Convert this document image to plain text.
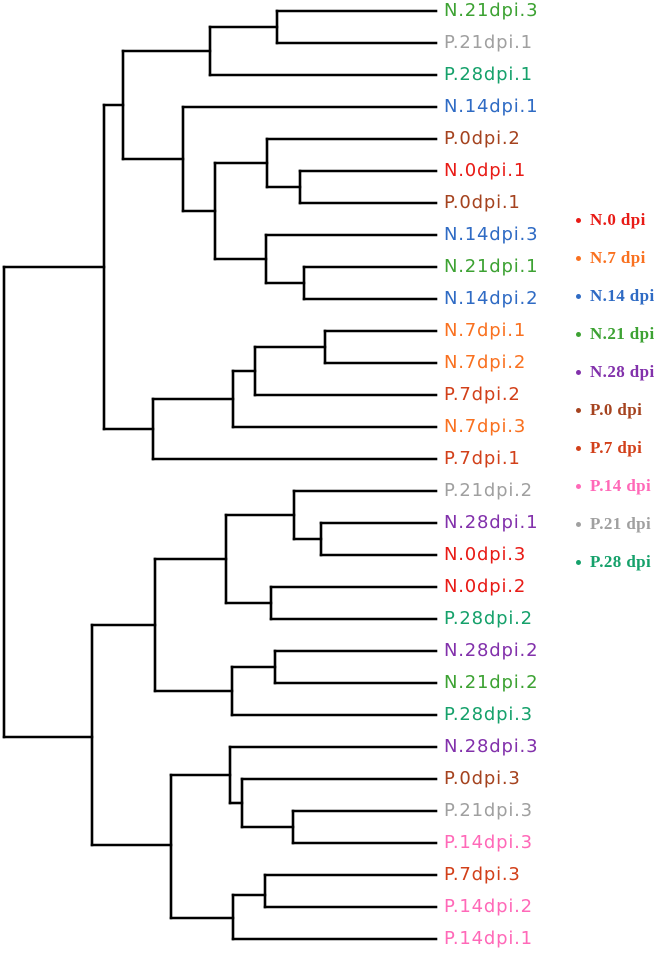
N.21dpi.3
P.21dpi.1
P.28dpi.1
N.14dpi.1
P.0dpi.2
N.0dpi.1
P.0dpi.1
N.14dpi.3
N.21dpi.1
N.14dpi.2
N.7dpi.1
N.7dpi.2
P.7dpi.2
N.7dpi.3
P.7dpi.1
P.21dpi.2
N.28dpi.1
N.0dpi.3
N.0dpi.2
P.28dpi.2
N.28dpi.2
N.21dpi.2
P.28dpi.3
N.28dpi.3
P.0dpi.3
P.21dpi.3
P.14dpi.3
P.7dpi.3
P.14dpi.2
P.14dpi.1
N.0 dpi
N.7 dpi
N.14 dpi
N.21 dpi
N.28 dpi
P.0 dpi
P.7 dpi
P.14 dpi
P.21 dpi
P.28 dpi
